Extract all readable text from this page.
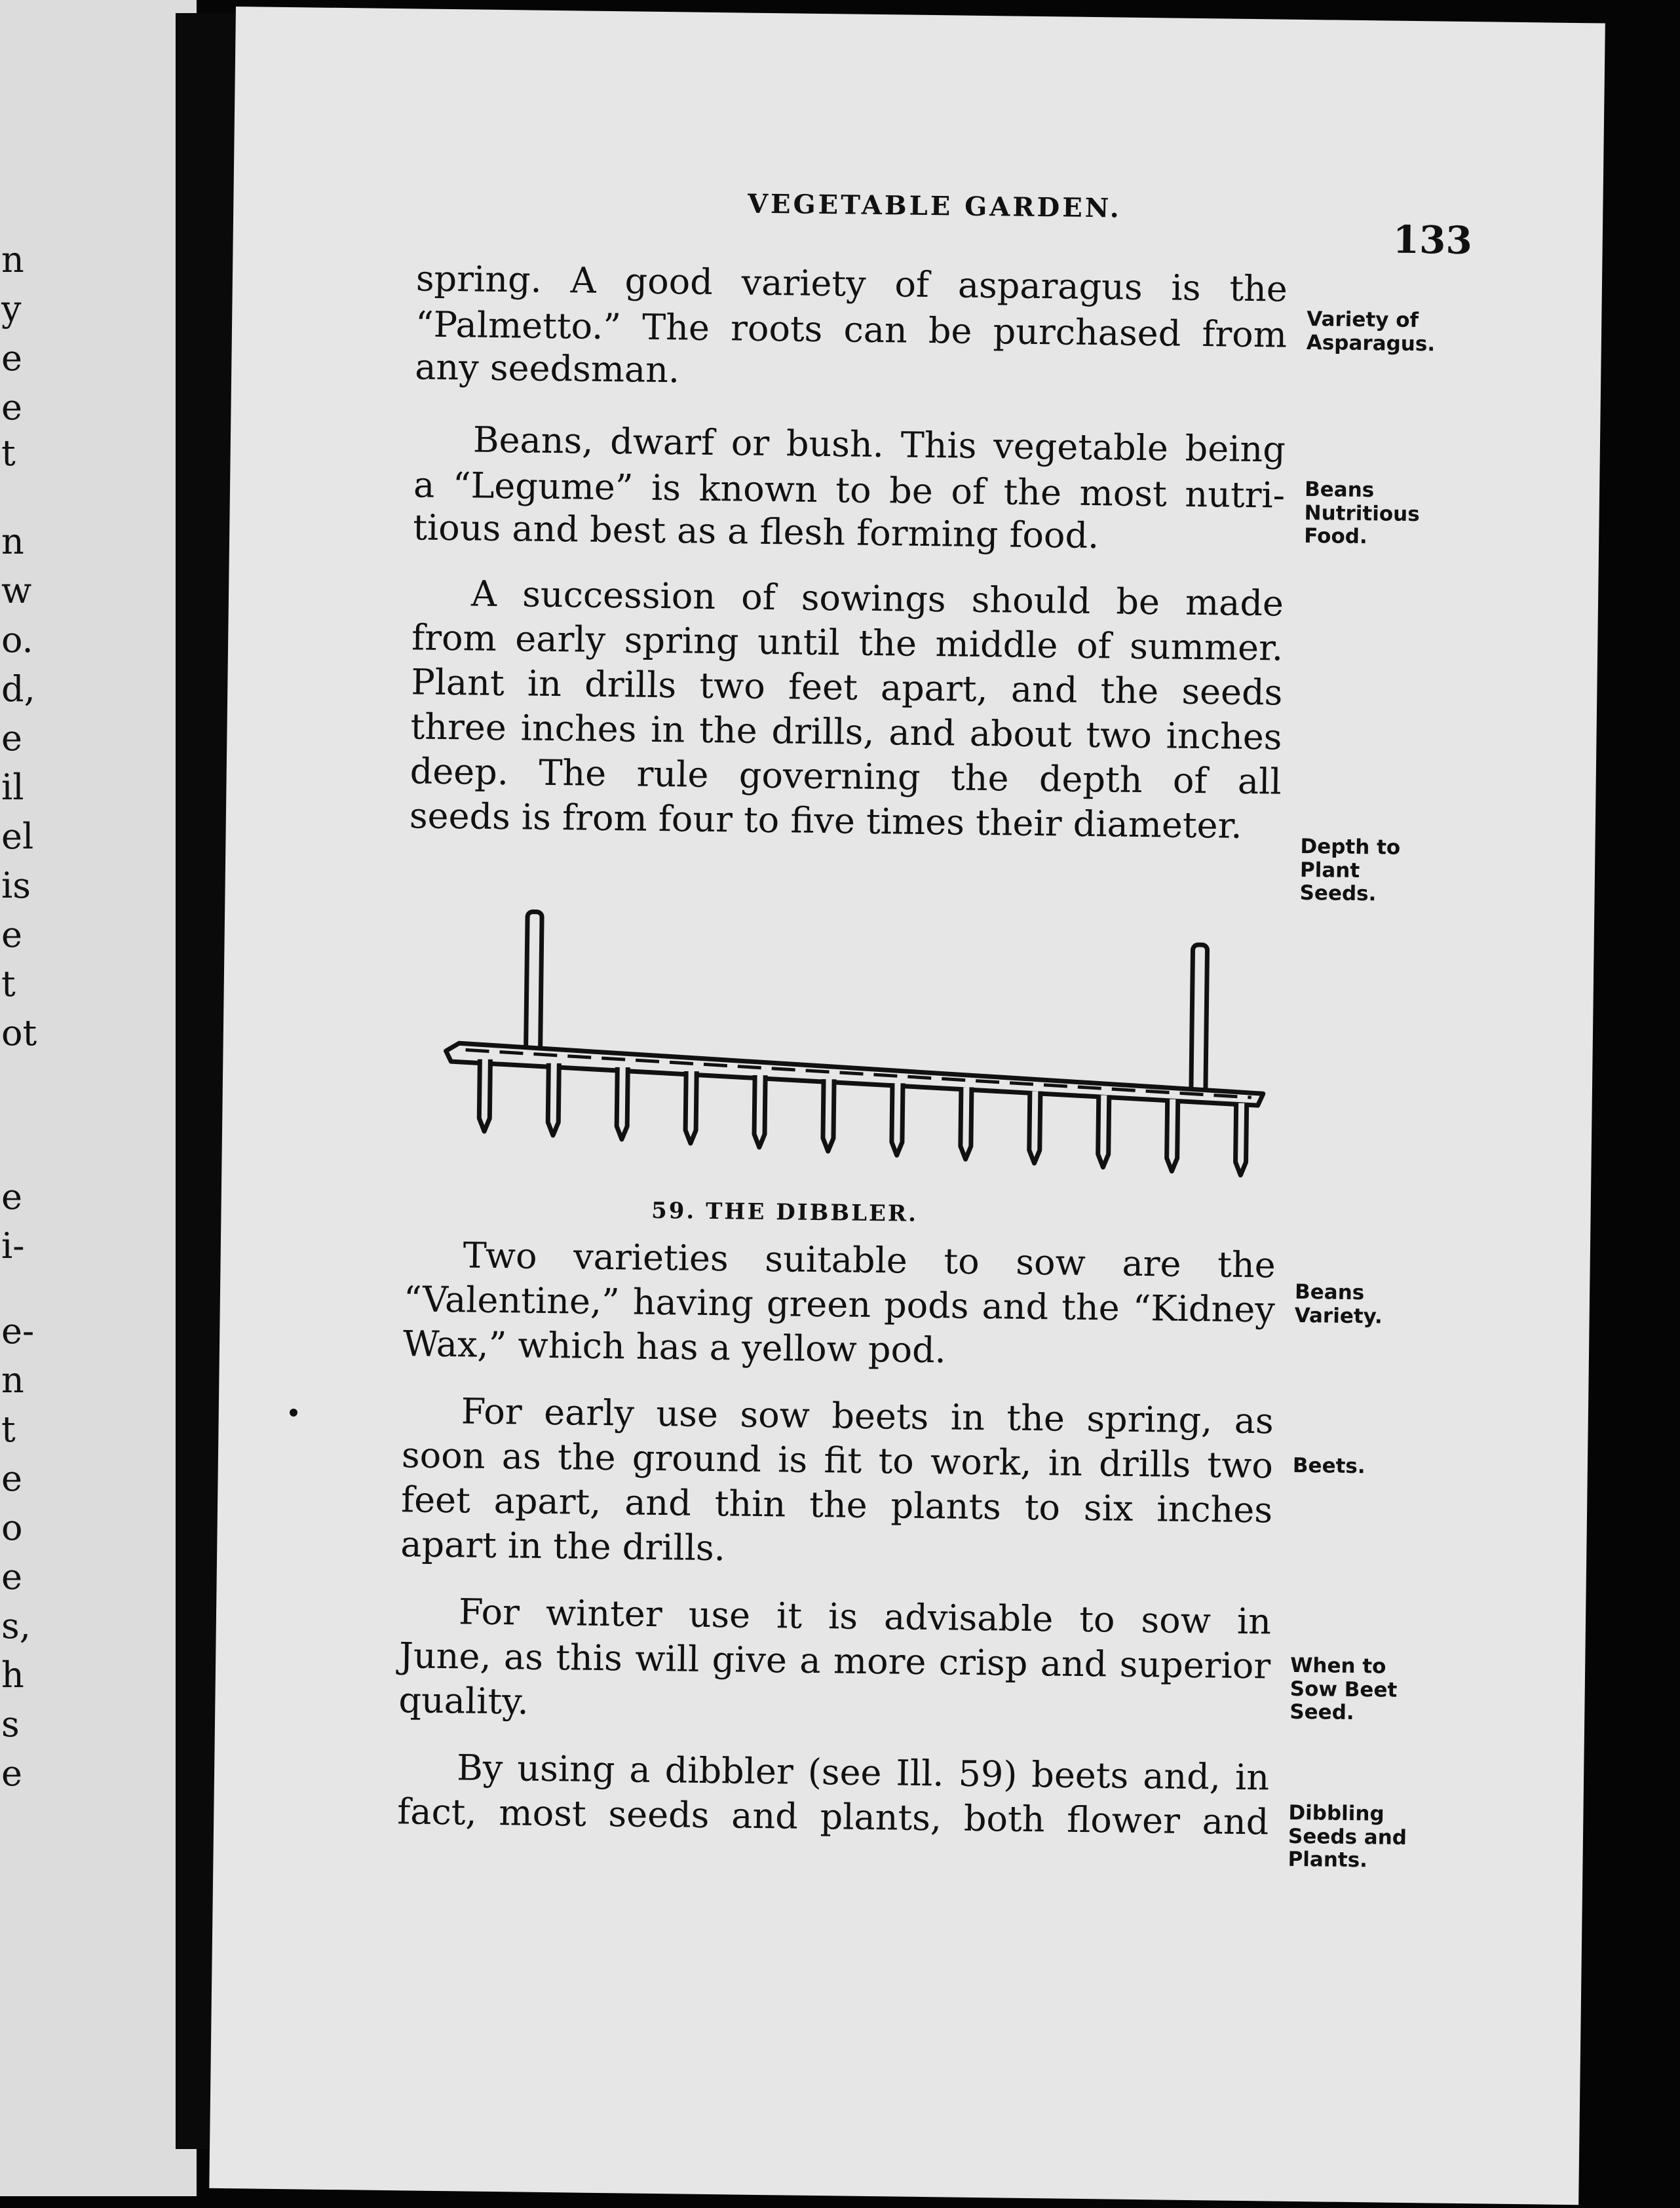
n
y
e
e
t
n
w
o.
d,
e
il
el
is
e
t
ot
e
i-
e-
n
t
e
o
e
s,
h
s
e
VEGETABLE GARDEN.
133
spring. A good variety of asparagus is the
“Palmetto.” The roots can be purchased from
any seedsman.
Beans, dwarf or bush. This vegetable being
a “Legume” is known to be of the most nutri-
tious and best as a flesh forming food.
A succession of sowings should be made
from early spring until the middle of summer.
Plant in drills two feet apart, and the seeds
three inches in the drills, and about two inches
deep. The rule governing the depth of all
seeds is from four to five times their diameter.
Two varieties suitable to sow are the
“Valentine,” having green pods and the “Kidney
Wax,” which has a yellow pod.
For early use sow beets in the spring, as
soon as the ground is fit to work, in drills two
feet apart, and thin the plants to six inches
apart in the drills.
For winter use it is advisable to sow in
June, as this will give a more crisp and superior
quality.
By using a dibbler (see Ill. 59) beets and, in
fact, most seeds and plants, both flower and
Variety of
Asparagus.
Beans
Nutritious
Food.
Depth to
Plant
Seeds.
Beans
Variety.
Beets.
When to
Sow Beet
Seed.
Dibbling
Seeds and
Plants.
59. THE DIBBLER.
